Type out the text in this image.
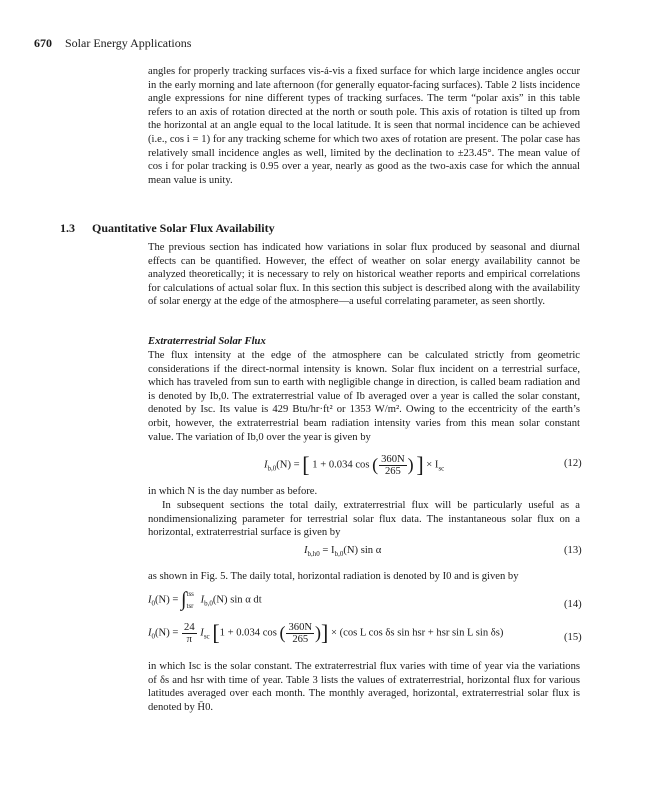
670 Solar Energy Applications
angles for properly tracking surfaces vis-á-vis a fixed surface for which large incidence angles occur in the early morning and late afternoon (for generally equator-facing surfaces). Table 2 lists incidence angle expressions for nine different types of tracking surfaces. The term “polar axis” in this table refers to an axis of rotation directed at the north or south pole. This axis of rotation is tilted up from the horizontal at an angle equal to the local latitude. It is seen that normal incidence can be achieved (i.e., cos i = 1) for any tracking scheme for which two axes of rotation are present. The polar case has relatively small incidence angles as well, limited by the declination to ±23.45°. The mean value of cos i for polar tracking is 0.95 over a year, nearly as good as the two-axis case for which the annual mean value is unity.
1.3 Quantitative Solar Flux Availability
The previous section has indicated how variations in solar flux produced by seasonal and diurnal effects can be quantified. However, the effect of weather on solar energy availability cannot be analyzed theoretically; it is necessary to rely on historical weather reports and empirical correlations for calculations of actual solar flux. In this section this subject is described along with the availability of solar energy at the edge of the atmosphere—a useful correlating parameter, as seen shortly.
Extraterrestrial Solar Flux
The flux intensity at the edge of the atmosphere can be calculated strictly from geometric considerations if the direct-normal intensity is known. Solar flux incident on a terrestrial surface, which has traveled from sun to earth with negligible change in direction, is called beam radiation and is denoted by Ib,0. The extraterrestrial value of Ib averaged over a year is called the solar constant, denoted by Isc. Its value is 429 Btu/hr·ft² or 1353 W/m². Owing to the eccentricity of the earth’s orbit, however, the extraterrestrial beam radiation intensity varies from this mean solar constant value. The variation of Ib,0 over the year is given by
$I_{b,0}(N)$ = [ 1 + 0.034 cos ( $\frac{360N}{265}$ ) ] × $I_{sc}$	(12)
in which N is the day number as before.
In subsequent sections the total daily, extraterrestrial flux will be particularly useful as a nondimensionalizing parameter for terrestrial solar flux data. The instantaneous solar flux on a horizontal, extraterrestrial surface is given by
$I_{b,h0} = I_{b,0}(N)$ sin α	(13)
as shown in Fig. 5. The daily total, horizontal radiation is denoted by I0 and is given by
$I_0(N)$ = ∫ tss
tsr
$I_{b,0}(N)$ sin α dt	(14)
$I_0(N) = \frac{24}{\pi} I_{sc}$ [1 + 0.034 cos ( $\frac{360N}{265}$ )] × (cos L cos δs sin hsr + hsr sin L sin δs)	(15)
in which Isc is the solar constant. The extraterrestrial flux varies with time of year via the variations of δs and hsr with time of year. Table 3 lists the values of extraterrestrial, horizontal flux for various latitudes averaged over each month. The monthly averaged, horizontal, extraterrestrial solar flux is denoted by H̄0.
